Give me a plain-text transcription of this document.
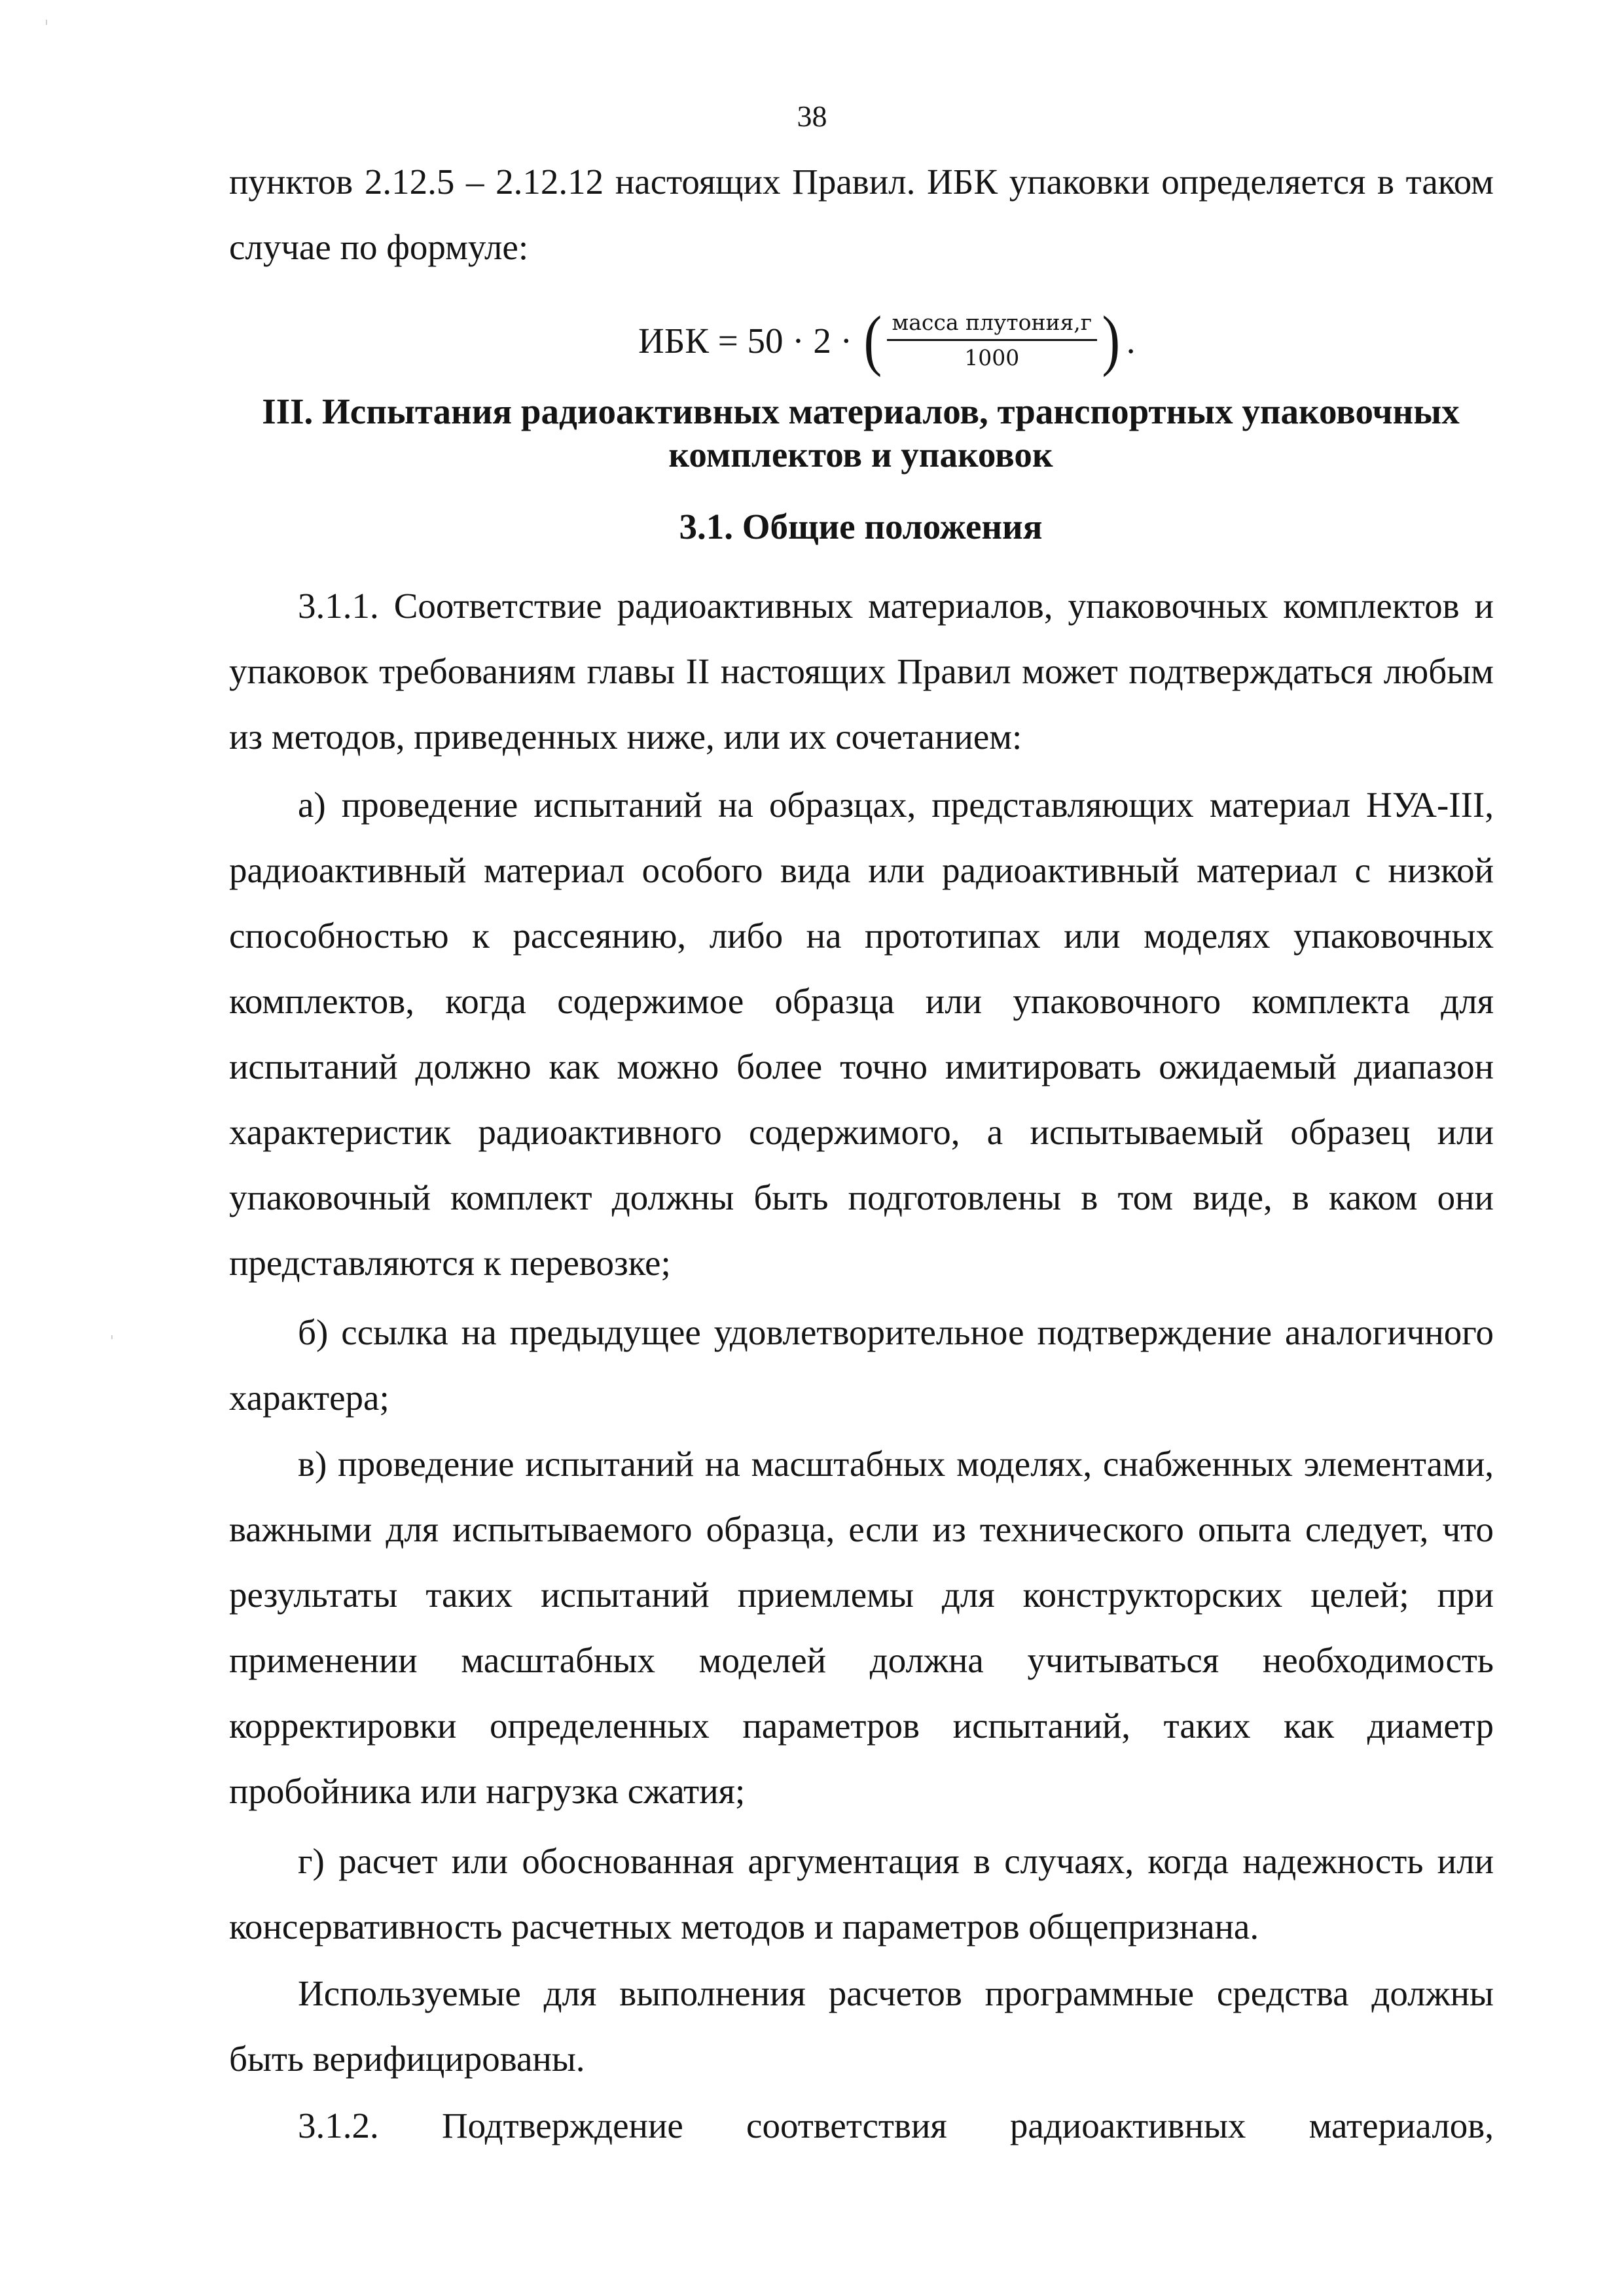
38

пунктов 2.12.5 – 2.12.12 настоящих Правил. ИБК упаковки определяется в таком случае по формуле:

ИБК = 50 · 2 · ( $\frac{\text{масса плутония,г}}{1000}$ ) .
III. Испытания радиоактивных материалов, транспортных упаковочных комплектов и упаковок
3.1. Общие положения

3.1.1. Соответствие радиоактивных материалов, упаковочных комплектов и упаковок требованиям главы II настоящих Правил может подтверждаться любым из методов, приведенных ниже, или их сочетанием:

а) проведение испытаний на образцах, представляющих материал НУА-III, радиоактивный материал особого вида или радиоактивный материал с низкой способностью к рассеянию, либо на прототипах или моделях упаковочных комплектов, когда содержимое образца или упаковочного комплекта для испытаний должно как можно более точно имитировать ожидаемый диапазон характеристик радиоактивного содержимого, а испытываемый образец или упаковочный комплект должны быть подготовлены в том виде, в каком они представляются к перевозке;

б) ссылка на предыдущее удовлетворительное подтверждение аналогичного характера;

в) проведение испытаний на масштабных моделях, снабженных элементами, важными для испытываемого образца, если из технического опыта следует, что результаты таких испытаний приемлемы для конструкторских целей; при применении масштабных моделей должна учитываться необходимость корректировки определенных параметров испытаний, таких как диаметр пробойника или нагрузка сжатия;

г) расчет или обоснованная аргументация в случаях, когда надежность или консервативность расчетных методов и параметров общепризнана.

Используемые для выполнения расчетов программные средства должны быть верифицированы.

3.1.2. Подтверждение соответствия радиоактивных материалов,
